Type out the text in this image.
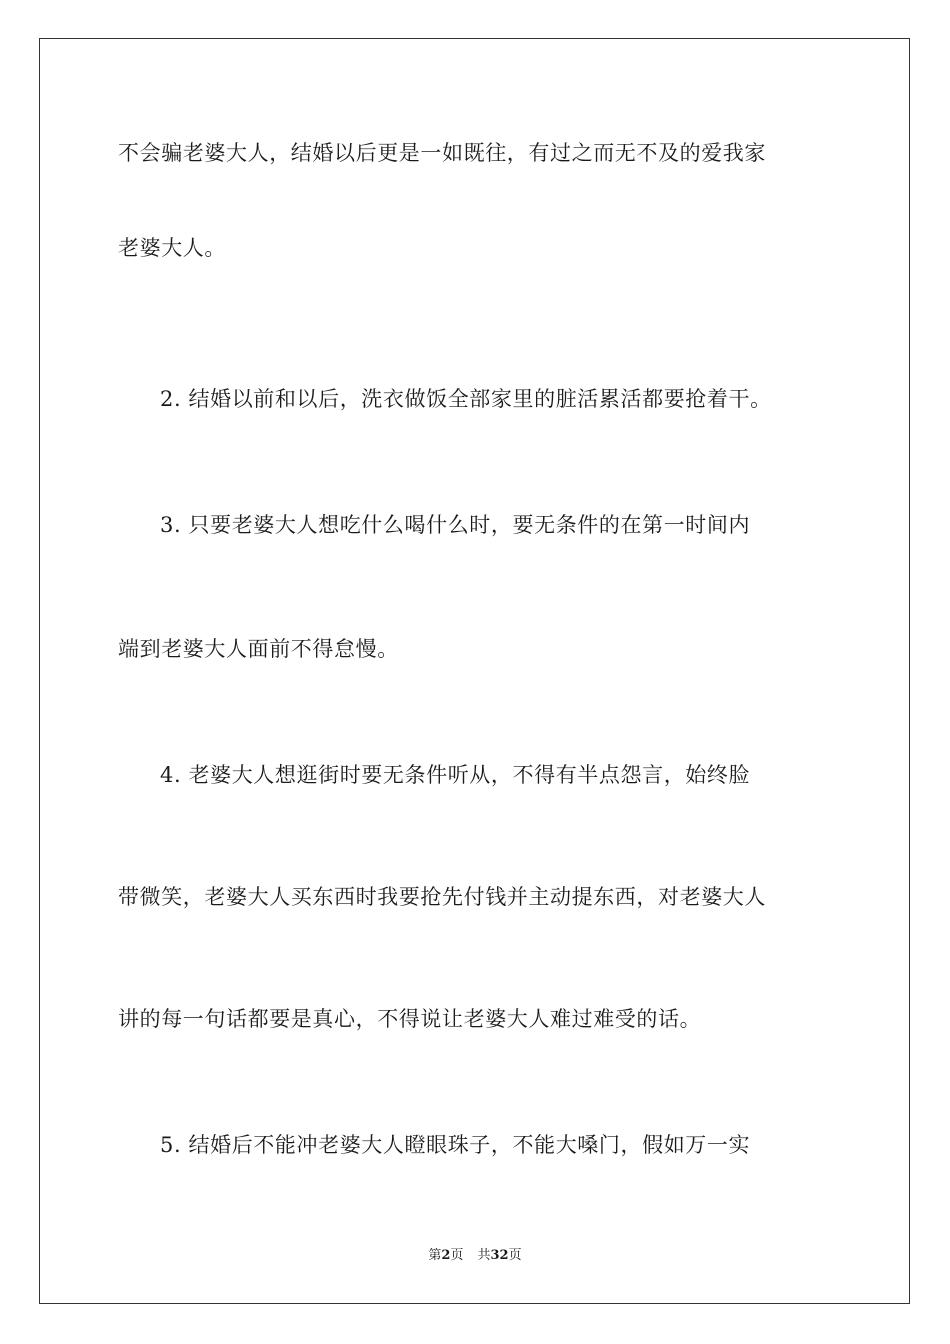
不会骗老婆大人，结婚以后更是一如既往，有过之而无不及的爱我家
老婆大人。
2. 结婚以前和以后，洗衣做饭全部家里的脏活累活都要抢着干。
3. 只要老婆大人想吃什么喝什么时，要无条件的在第一时间内
端到老婆大人面前不得怠慢。
4. 老婆大人想逛街时要无条件听从，不得有半点怨言，始终脸
带微笑，老婆大人买东西时我要抢先付钱并主动提东西，对老婆大人
讲的每一句话都要是真心，不得说让老婆大人难过难受的话。
5. 结婚后不能冲老婆大人瞪眼珠子，不能大嗓门，假如万一实
第2页 共32页
